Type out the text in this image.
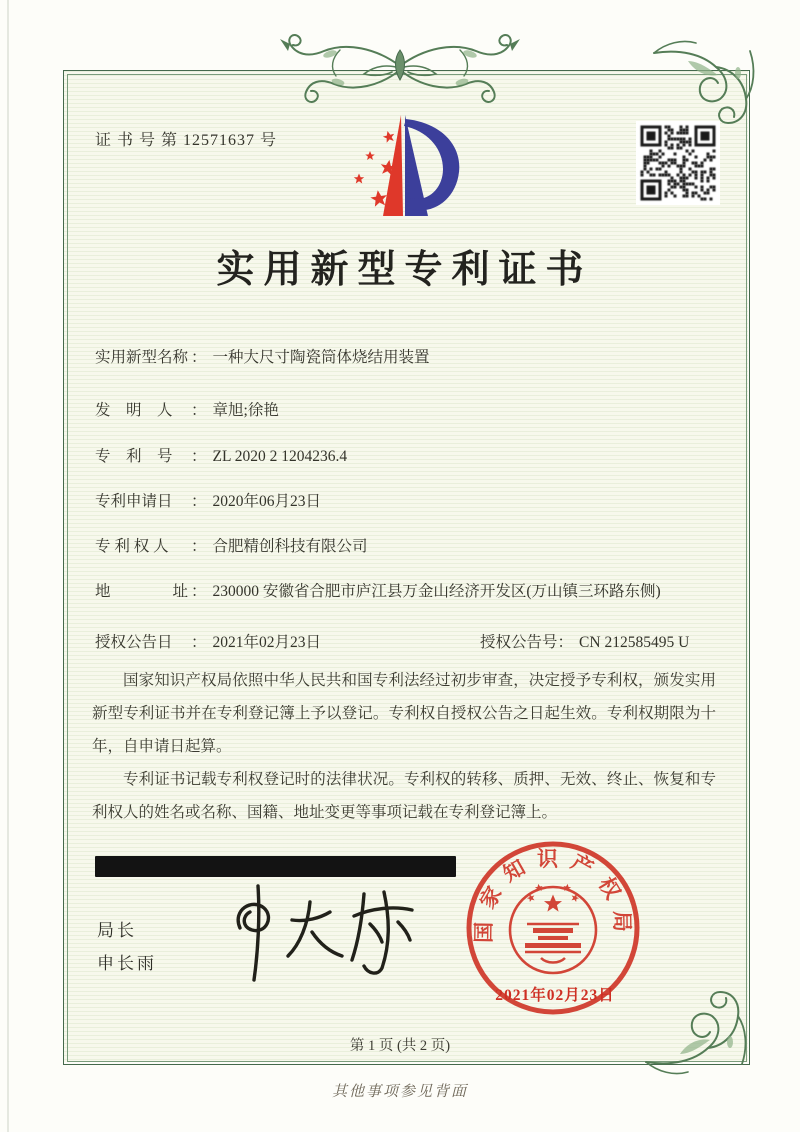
证 书 号 第 12571637 号
实用新型专利证书
实用新型名称 ： 一种大尺寸陶瓷筒体烧结用装置
发　明　人	： 章旭;徐艳
专　利　号	： ZL 2020 2 1204236.4
专利申请日	： 2020年06月23日
专 利 权 人	： 合肥精创科技有限公司
地　　　　址 ： 230000 安徽省合肥市庐江县万金山经济开发区(万山镇三环路东侧)
授权公告日	： 2021年02月23日	授权公告号 ： CN 212585495 U

国家知识产权局依照中华人民共和国专利法经过初步审查，决定授予专利权，颁发实用新型专利证书并在专利登记簿上予以登记。专利权自授权公告之日起生效。专利权期限为十年，自申请日起算。

专利证书记载专利权登记时的法律状况。专利权的转移、质押、无效、终止、恢复和专利权人的姓名或名称、国籍、地址变更等事项记载在专利登记簿上。

局长
申长雨
国家知识产权局
2021年02月23日
第 1 页 (共 2 页)
其他事项参见背面
